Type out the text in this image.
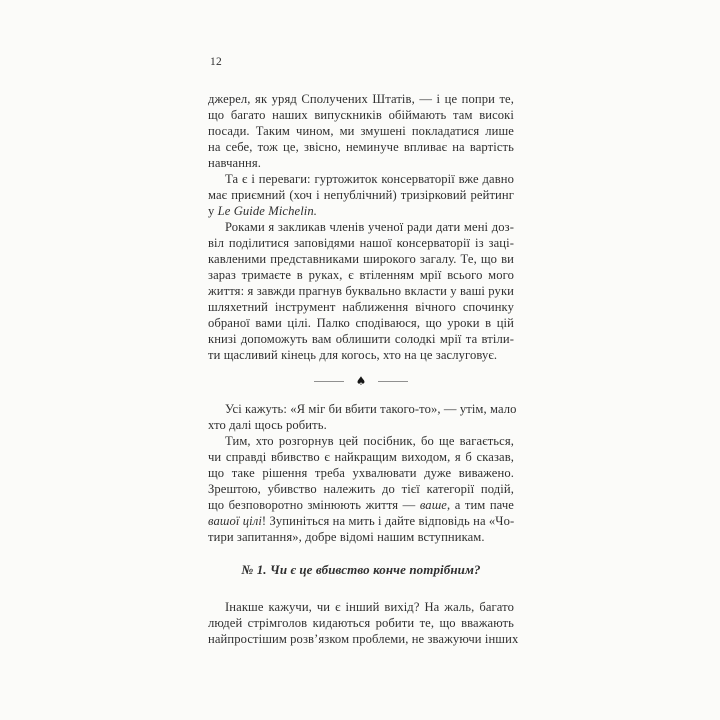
12
джерел, як уряд Сполучених Штатів, — і це попри те,
що багато наших випускників обіймають там високі
посади. Таким чином, ми змушені покладатися лише
на себе, тож це, звісно, неминуче впливає на вартість
навчання.
Та є і переваги: гуртожиток консерваторії вже давно
має приємний (хоч і непублічний) тризірковий рейтинг
у Le Guide Michelin.
Роками я закликав членів ученої ради дати мені доз-
віл поділитися заповідями нашої консерваторії із заці-
кавленими представниками широкого загалу. Те, що ви
зараз тримаєте в руках, є втіленням мрії всього мого
життя: я завжди прагнув буквально вкласти у ваші руки
шляхетний інструмент наближення вічного спочинку
обраної вами цілі. Палко сподіваюся, що уроки в цій
книзі допоможуть вам облишити солодкі мрії та втіли-
ти щасливий кінець для когось, хто на це заслуговує.
♠
Усі кажуть: «Я міг би вбити такого-то», — утім, мало
хто далі щось робить.
Тим, хто розгорнув цей посібник, бо ще вагається,
чи справді вбивство є найкращим виходом, я б сказав,
що таке рішення треба ухвалювати дуже виважено.
Зрештою, убивство належить до тієї категорії подій,
що безповоротно змінюють життя — ваше, а тим паче
вашої цілі! Зупиніться на мить і дайте відповідь на «Чо-
тири запитання», добре відомі нашим вступникам.
№ 1. Чи є це вбивство конче потрібним?
Інакше кажучи, чи є інший вихід? На жаль, багато
людей стрімголов кидаються робити те, що вважають
найпростішим розв’язком проблеми, не зважуючи інших
